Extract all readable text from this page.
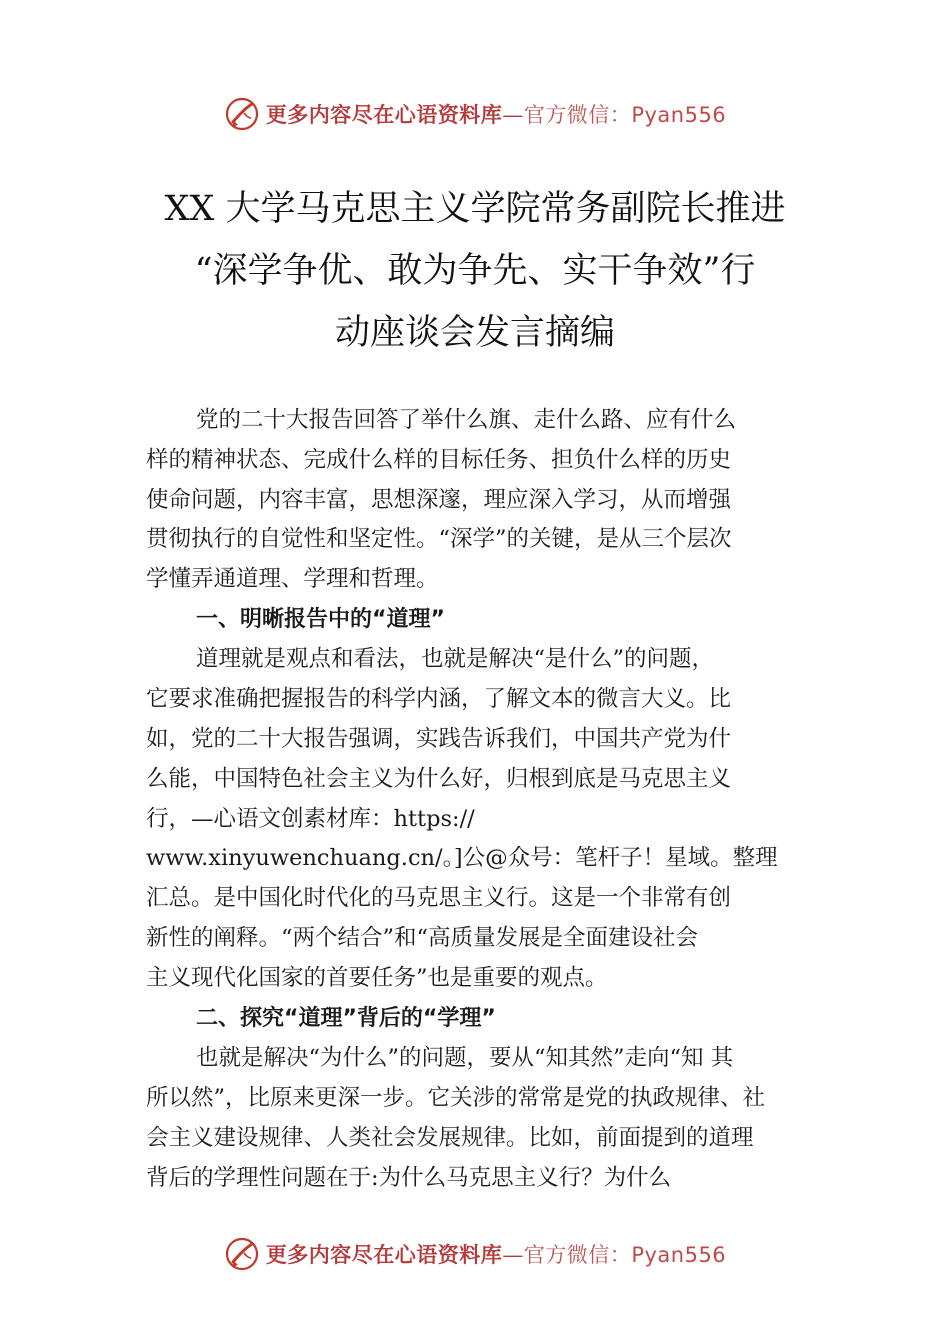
更多内容尽在心语资料库—官方微信：Pyan556
XX 大学马克思主义学院常务副院长推进
“深学争优、敢为争先、实干争效”行
动座谈会发言摘编
党的二十大报告回答了举什么旗、走什么路、应有什么
样的精神状态、完成什么样的目标任务、担负什么样的历史
使命问题，内容丰富，思想深邃，理应深入学习，从而增强
贯彻执行的自觉性和坚定性。“深学”的关键，是从三个层次
学懂弄通道理、学理和哲理。
一、明晰报告中的“道理”
道理就是观点和看法，也就是解决“是什么”的问题，
它要求准确把握报告的科学内涵，了解文本的微言大义。比
如，党的二十大报告强调，实践告诉我们，中国共产党为什
么能，中国特色社会主义为什么好，归根到底是马克思主义
行，—心语文创素材库：https://
www.xinyuwenchuang.cn/。]公@众号：笔杆子！星域。整理
汇总。是中国化时代化的马克思主义行。这是一个非常有创
新性的阐释。“两个结合”和“高质量发展是全面建设社会
主义现代化国家的首要任务”也是重要的观点。
二、探究“道理”背后的“学理”
也就是解决“为什么”的问题，要从“知其然”走向“知 其
所以然”，比原来更深一步。它关涉的常常是党的执政规律、社
会主义建设规律、人类社会发展规律。比如，前面提到的道理
背后的学理性问题在于:为什么马克思主义行？为什么
更多内容尽在心语资料库—官方微信：Pyan556
